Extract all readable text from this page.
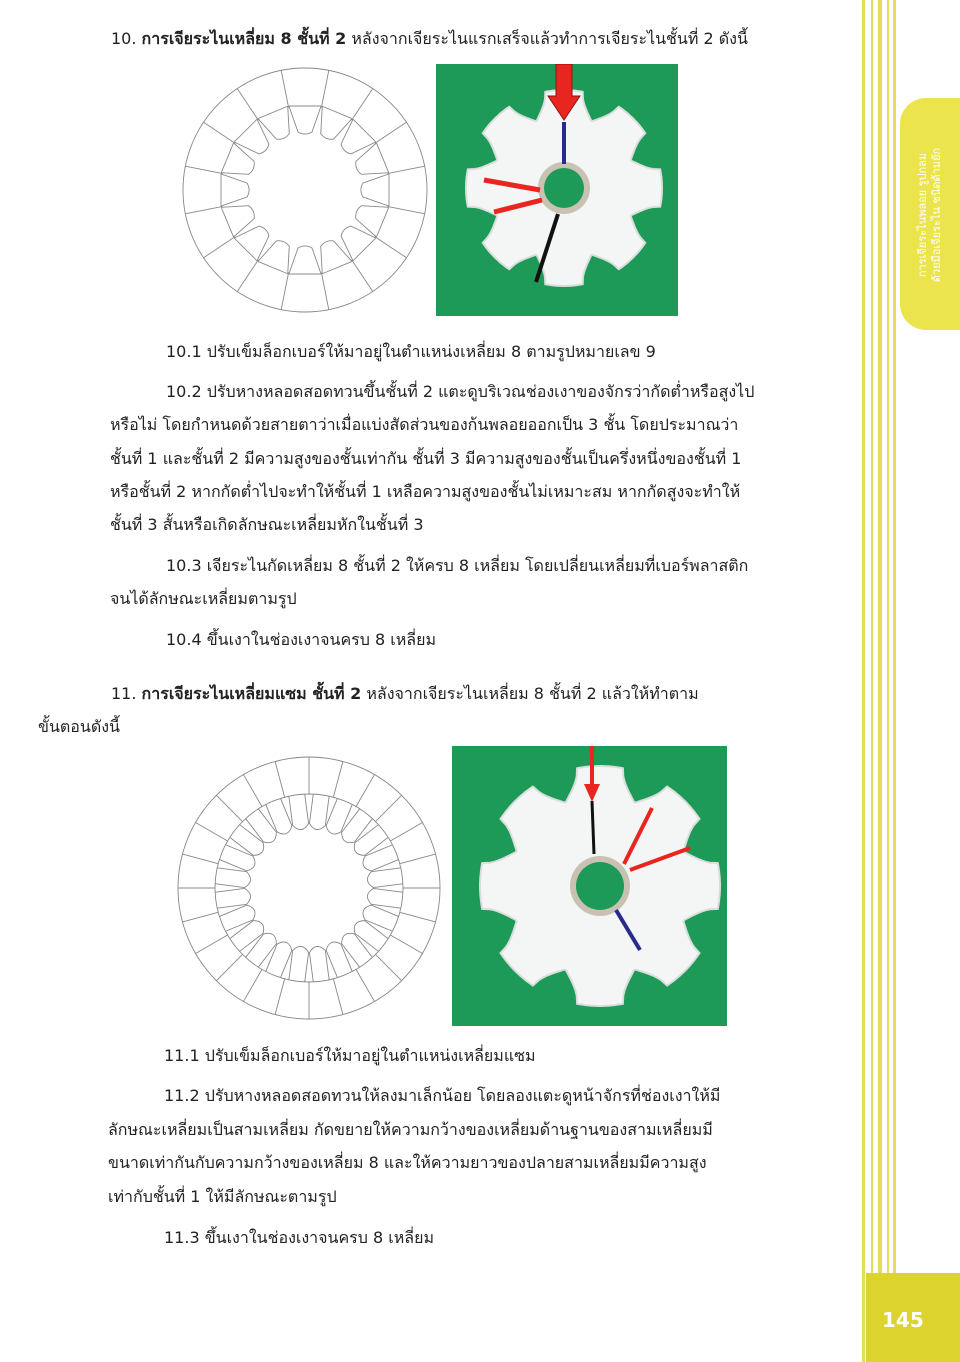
การเจียระไนพลอย รูปกลม ด้วยมือเจียระไน ชนิดด้ามยัก
10. การเจียระไนเหลี่ยม 8 ชั้นที่ 2 หลังจากเจียระไนแรกเสร็จแล้วทำการเจียระไนชั้นที่ 2 ดังนี้
10.1 ปรับเข็มล็อกเบอร์ให้มาอยู่ในตำแหน่งเหลี่ยม 8 ตามรูปหมายเลข 9
10.2 ปรับหางหลอดสอดทวนขึ้นชั้นที่ 2 แตะดูบริเวณช่องเงาของจักรว่ากัดต่ำหรือสูงไป
หรือไม่ โดยกำหนดด้วยสายตาว่าเมื่อแบ่งสัดส่วนของก้นพลอยออกเป็น 3 ชั้น โดยประมาณว่า
ชั้นที่ 1 และชั้นที่ 2 มีความสูงของชั้นเท่ากัน ชั้นที่ 3 มีความสูงของชั้นเป็นครึ่งหนึ่งของชั้นที่ 1
หรือชั้นที่ 2 หากกัดต่ำไปจะทำให้ชั้นที่ 1 เหลือความสูงของชั้นไม่เหมาะสม หากกัดสูงจะทำให้
ชั้นที่ 3 สั้นหรือเกิดลักษณะเหลี่ยมหักในชั้นที่ 3
10.3 เจียระไนกัดเหลี่ยม 8 ชั้นที่ 2 ให้ครบ 8 เหลี่ยม โดยเปลี่ยนเหลี่ยมที่เบอร์พลาสติก
จนได้ลักษณะเหลี่ยมตามรูป
10.4 ขึ้นเงาในช่องเงาจนครบ 8 เหลี่ยม
11. การเจียระไนเหลี่ยมแซม ชั้นที่ 2 หลังจากเจียระไนเหลี่ยม 8 ชั้นที่ 2 แล้วให้ทำตาม
ขั้นตอนดังนี้
11.1 ปรับเข็มล็อกเบอร์ให้มาอยู่ในตำแหน่งเหลี่ยมแซม
11.2 ปรับหางหลอดสอดทวนให้ลงมาเล็กน้อย โดยลองแตะดูหน้าจักรที่ช่องเงาให้มี
ลักษณะเหลี่ยมเป็นสามเหลี่ยม กัดขยายให้ความกว้างของเหลี่ยมด้านฐานของสามเหลี่ยมมี
ขนาดเท่ากันกับความกว้างของเหลี่ยม 8 และให้ความยาวของปลายสามเหลี่ยมมีความสูง
เท่ากับชั้นที่ 1 ให้มีลักษณะตามรูป
11.3 ขึ้นเงาในช่องเงาจนครบ 8 เหลี่ยม
145
